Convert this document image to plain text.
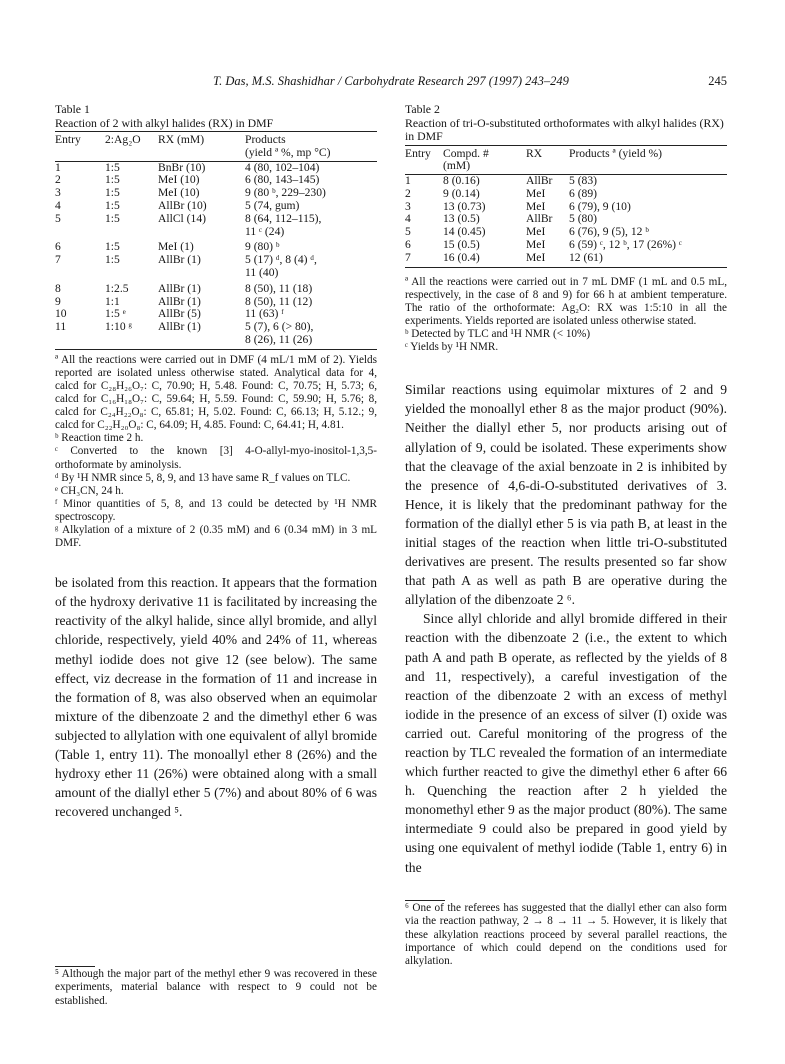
T. Das, M.S. Shashidhar / Carbohydrate Research 297 (1997) 243–249	245
Table 1
Reaction of 2 with alkyl halides (RX) in DMF
Entry	2:Ag₂O	RX (mM)	Products
			(yield ª %, mp °C)
1	1:5	BnBr (10)	4 (80, 102–104)
2	1:5	MeI (10)	6 (80, 143–145)
3	1:5	MeI (10)	9 (80 ᵇ, 229–230)
4	1:5	AllBr (10)	5 (74, gum)
5	1:5	AllCl (14)	8 (64, 112–115),
			11 ᶜ (24)
6	1:5	MeI (1)	9 (80) ᵇ
7	1:5	AllBr (1)	5 (17) ᵈ, 8 (4) ᵈ,
			11 (40)
8	1:2.5	AllBr (1)	8 (50), 11 (18)
9	1:1	AllBr (1)	8 (50), 11 (12)
10	1:5 ᵉ	AllBr (5)	11 (63) ᶠ
11	1:10 ᵍ	AllBr (1)	5 (7), 6 (> 80),
			8 (26), 11 (26)

ª All the reactions were carried out in DMF (4 mL/1 mM of 2). Yields reported are isolated unless otherwise stated. Analytical data for 4, calcd for C₂₈H₂₆O₇: C, 70.90; H, 5.48. Found: C, 70.75; H, 5.73; 6, calcd for C₁₆H₁₈O₇: C, 59.64; H, 5.59. Found: C, 59.90; H, 5.76; 8, calcd for C₂₄H₂₂O₈: C, 65.81; H, 5.02. Found: C, 66.13; H, 5.12.; 9, calcd for C₂₂H₂₀O₈: C, 64.09; H, 4.85. Found: C, 64.41; H, 4.81.

ᵇ Reaction time 2 h.

ᶜ Converted to the known [3] 4-O-allyl-myo-inositol-1,3,5-orthoformate by aminolysis.

ᵈ By ¹H NMR since 5, 8, 9, and 13 have same R_f values on TLC.

ᵉ CH₃CN, 24 h.

ᶠ Minor quantities of 5, 8, and 13 could be detected by ¹H NMR spectroscopy.

ᵍ Alkylation of a mixture of 2 (0.35 mM) and 6 (0.34 mM) in 3 mL DMF.

be isolated from this reaction. It appears that the formation of the hydroxy derivative 11 is facilitated by increasing the reactivity of the alkyl halide, since allyl bromide, and allyl chloride, respectively, yield 40% and 24% of 11, whereas methyl iodide does not give 12 (see below). The same effect, viz decrease in the formation of 11 and increase in the formation of 8, was also observed when an equimolar mixture of the dibenzoate 2 and the dimethyl ether 6 was subjected to allylation with one equivalent of allyl bromide (Table 1, entry 11). The monoallyl ether 8 (26%) and the hydroxy ether 11 (26%) were obtained along with a small amount of the diallyl ether 5 (7%) and about 80% of 6 was recovered unchanged ⁵.

⁵ Although the major part of the methyl ether 9 was recovered in these experiments, material balance with respect to 9 could not be established.
Table 2
Reaction of tri-O-substituted orthoformates with alkyl halides (RX) in DMF
Entry	Compd. #	RX	Products ª (yield %)
	(mM)		
1	8 (0.16)	AllBr	5 (83)
2	9 (0.14)	MeI	6 (89)
3	13 (0.73)	MeI	6 (79), 9 (10)
4	13 (0.5)	AllBr	5 (80)
5	14 (0.45)	MeI	6 (76), 9 (5), 12 ᵇ
6	15 (0.5)	MeI	6 (59) ᶜ, 12 ᵇ, 17 (26%) ᶜ
7	16 (0.4)	MeI	12 (61)

ª All the reactions were carried out in 7 mL DMF (1 mL and 0.5 mL, respectively, in the case of 8 and 9) for 66 h at ambient temperature. The ratio of the orthoformate: Ag₂O: RX was 1:5:10 in all the experiments. Yields reported are isolated unless otherwise stated.

ᵇ Detected by TLC and ¹H NMR (< 10%)

ᶜ Yields by ¹H NMR.

Similar reactions using equimolar mixtures of 2 and 9 yielded the monoallyl ether 8 as the major product (90%). Neither the diallyl ether 5, nor products arising out of allylation of 9, could be isolated. These experiments show that the cleavage of the axial benzoate in 2 is inhibited by the presence of 4,6-di-O-substituted derivatives of 3. Hence, it is likely that the predominant pathway for the formation of the diallyl ether 5 is via path B, at least in the initial stages of the reaction when little tri-O-substituted derivatives are present. The results presented so far show that path A as well as path B are operative during the allylation of the dibenzoate 2 ⁶.

Since allyl chloride and allyl bromide differed in their reaction with the dibenzoate 2 (i.e., the extent to which path A and path B operate, as reflected by the yields of 8 and 11, respectively), a careful investigation of the reaction of the dibenzoate 2 with an excess of methyl iodide in the presence of an excess of silver (I) oxide was carried out. Careful monitoring of the progress of the reaction by TLC revealed the formation of an intermediate which further reacted to give the dimethyl ether 6 after 66 h. Quenching the reaction after 2 h yielded the monomethyl ether 9 as the major product (80%). The same intermediate 9 could also be prepared in good yield by using one equivalent of methyl iodide (Table 1, entry 6) in the

⁶ One of the referees has suggested that the diallyl ether can also form via the reaction pathway, 2 → 8 → 11 → 5. However, it is likely that these alkylation reactions proceed by several parallel reactions, the importance of which could depend on the conditions used for alkylation.
